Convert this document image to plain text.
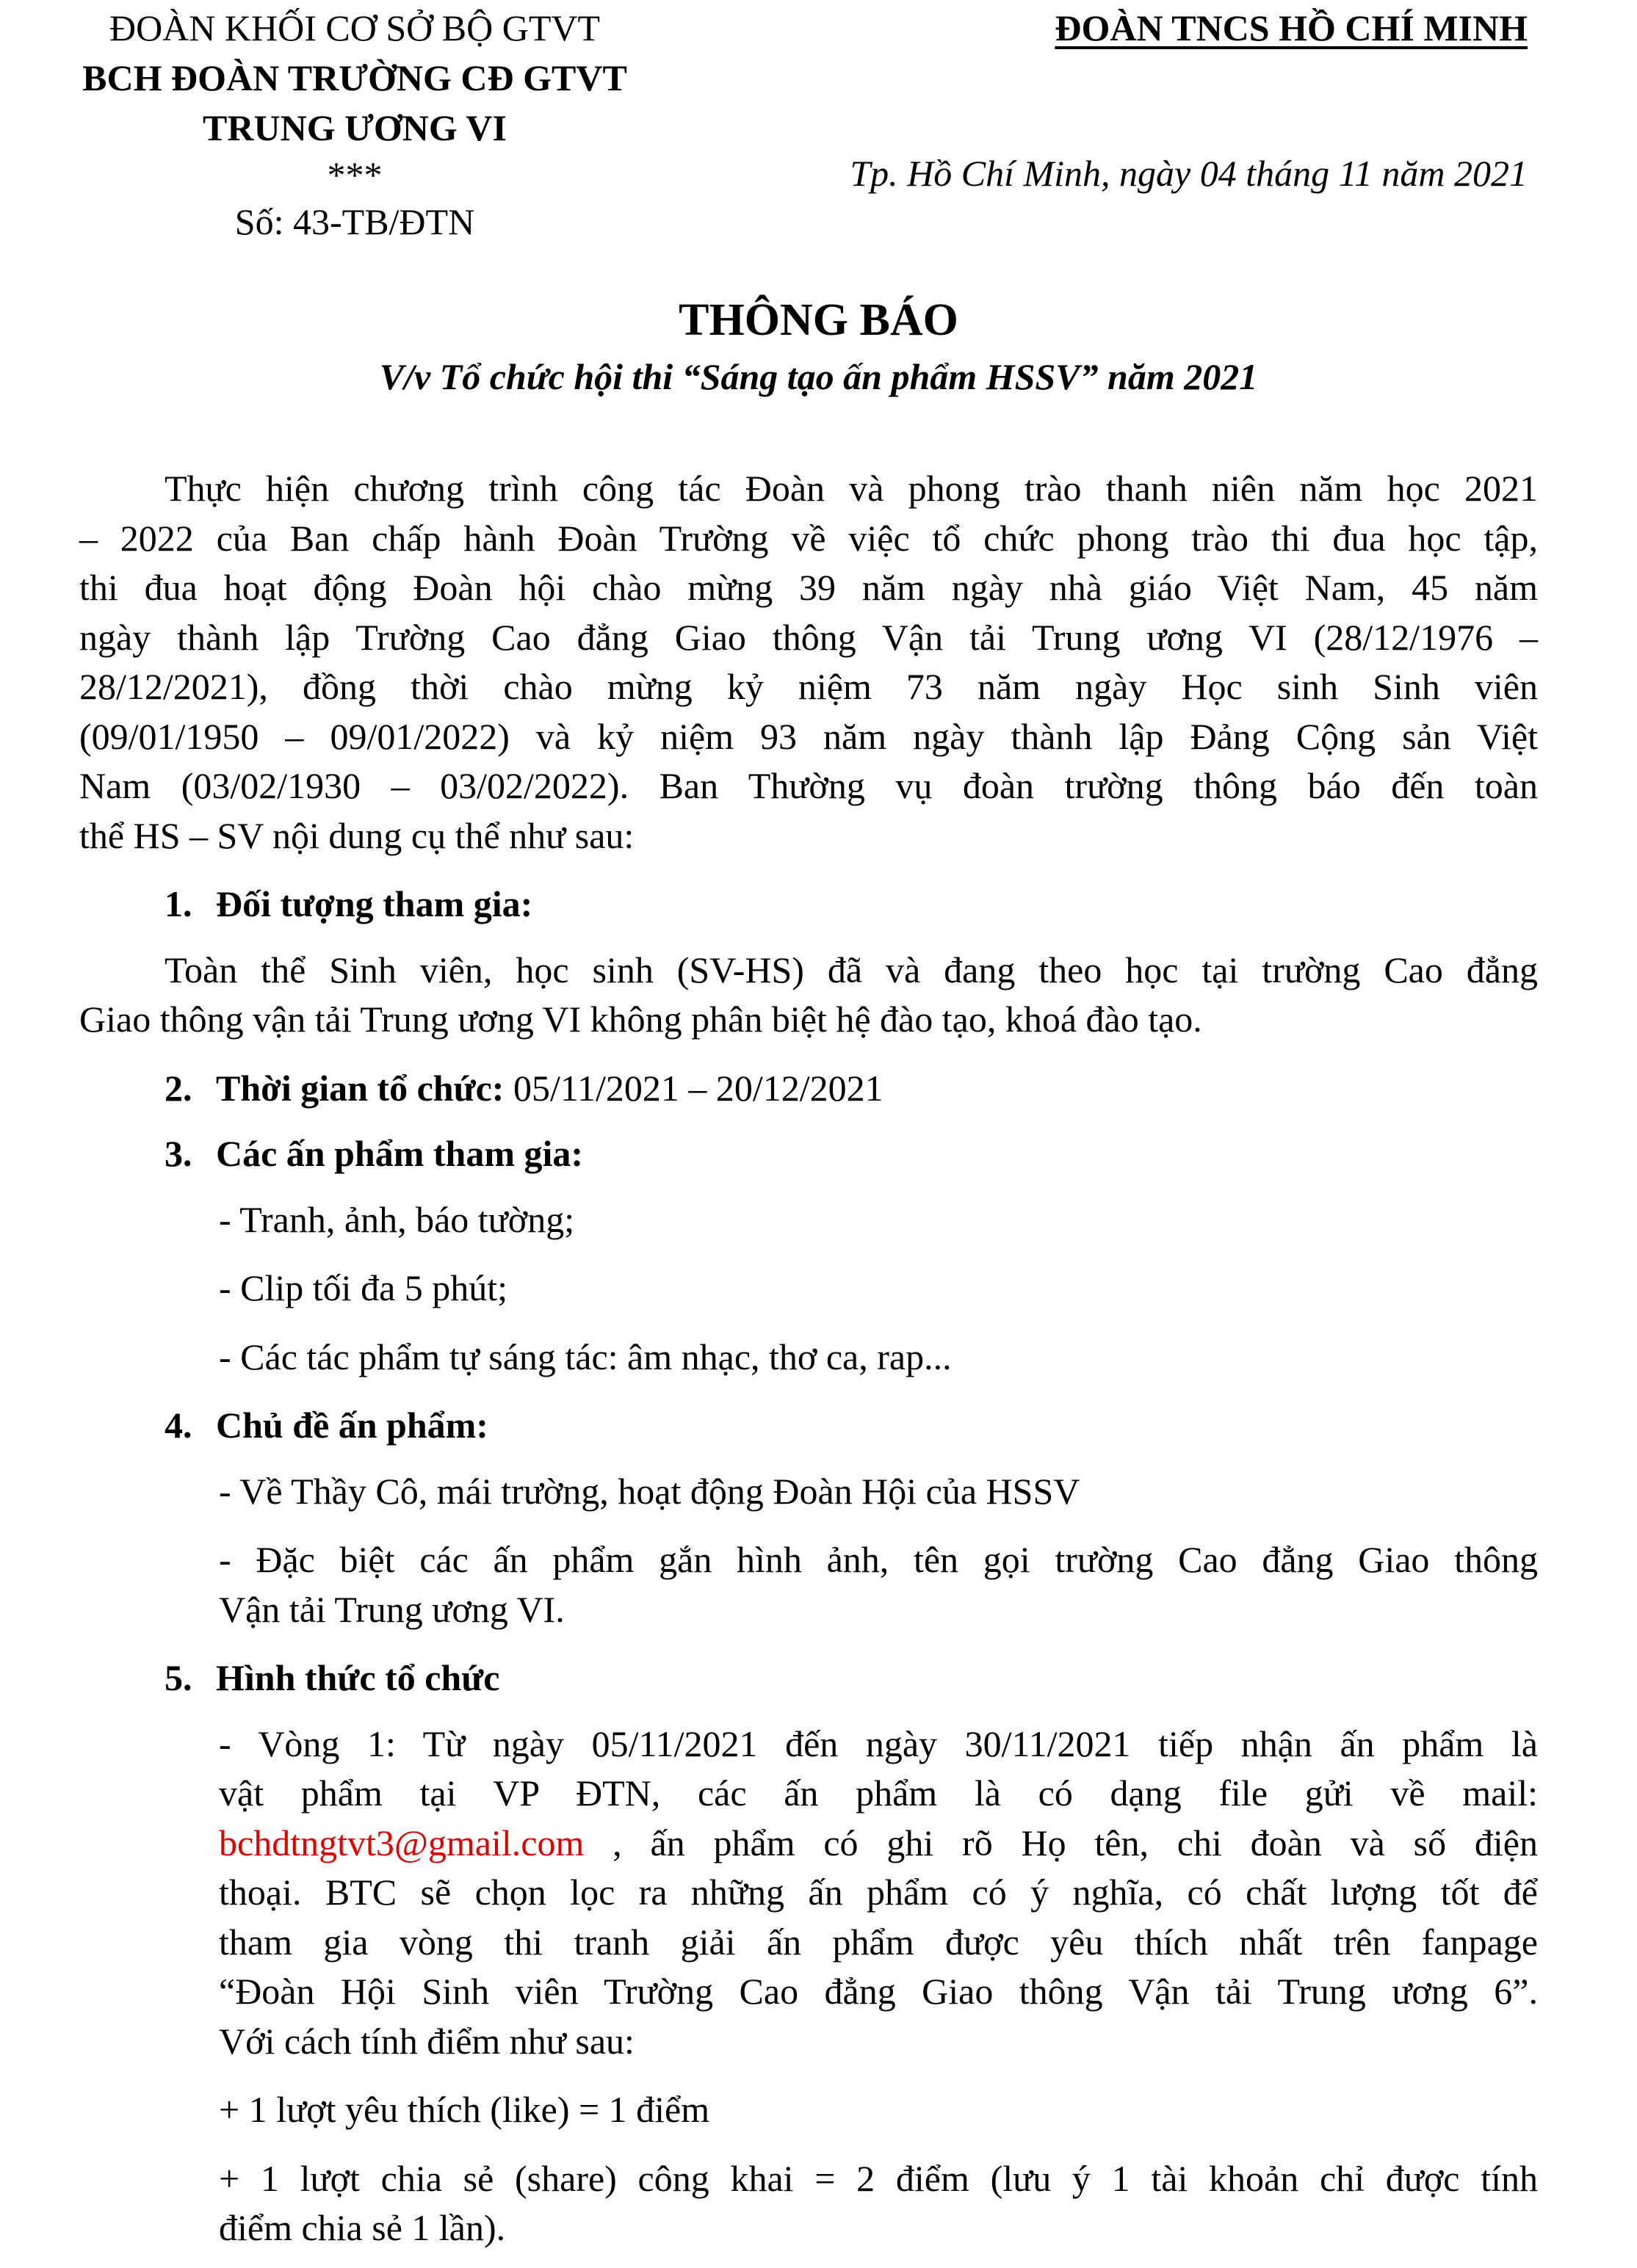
ĐOÀN KHỐI CƠ SỞ BỘ GTVT
BCH ĐOÀN TRƯỜNG CĐ GTVT
TRUNG ƯƠNG VI
***
Số: 43-TB/ĐTN
ĐOÀN TNCS HỒ CHÍ MINH
Tp. Hồ Chí Minh, ngày 04 tháng 11 năm 2021
THÔNG BÁO
V/v Tổ chức hội thi “Sáng tạo ấn phẩm HSSV” năm 2021

Thực hiện chương trình công tác Đoàn và phong trào thanh niên năm học 2021

– 2022 của Ban chấp hành Đoàn Trường về việc tổ chức phong trào thi đua học tập,

thi đua hoạt động Đoàn hội chào mừng 39 năm ngày nhà giáo Việt Nam, 45 năm

ngày thành lập Trường Cao đẳng Giao thông Vận tải Trung ương VI (28/12/1976 –

28/12/2021), đồng thời chào mừng kỷ niệm 73 năm ngày Học sinh Sinh viên

(09/01/1950 – 09/01/2022) và kỷ niệm 93 năm ngày thành lập Đảng Cộng sản Việt

Nam (03/02/1930 – 03/02/2022). Ban Thường vụ đoàn trường thông báo đến toàn

thể HS – SV nội dung cụ thể như sau:

1. Đối tượng tham gia:

Toàn thể Sinh viên, học sinh (SV-HS) đã và đang theo học tại trường Cao đẳng

Giao thông vận tải Trung ương VI không phân biệt hệ đào tạo, khoá đào tạo.

2. Thời gian tổ chức: 05/11/2021 – 20/12/2021

3. Các ấn phẩm tham gia:

- Tranh, ảnh, báo tường;

- Clip tối đa 5 phút;

- Các tác phẩm tự sáng tác: âm nhạc, thơ ca, rap...

4. Chủ đề ấn phẩm:

- Về Thầy Cô, mái trường, hoạt động Đoàn Hội của HSSV

- Đặc biệt các ấn phẩm gắn hình ảnh, tên gọi trường Cao đẳng Giao thông

Vận tải Trung ương VI.

5. Hình thức tổ chức

- Vòng 1: Từ ngày 05/11/2021 đến ngày 30/11/2021 tiếp nhận ấn phẩm là

vật phẩm tại VP ĐTN, các ấn phẩm là có dạng file gửi về mail:

bchdtngtvt3@gmail.com , ấn phẩm có ghi rõ Họ tên, chi đoàn và số điện

thoại. BTC sẽ chọn lọc ra những ấn phẩm có ý nghĩa, có chất lượng tốt để

tham gia vòng thi tranh giải ấn phẩm được yêu thích nhất trên fanpage

“Đoàn Hội Sinh viên Trường Cao đẳng Giao thông Vận tải Trung ương 6”.

Với cách tính điểm như sau:

+ 1 lượt yêu thích (like) = 1 điểm

+ 1 lượt chia sẻ (share) công khai = 2 điểm (lưu ý 1 tài khoản chỉ được tính

điểm chia sẻ 1 lần).
